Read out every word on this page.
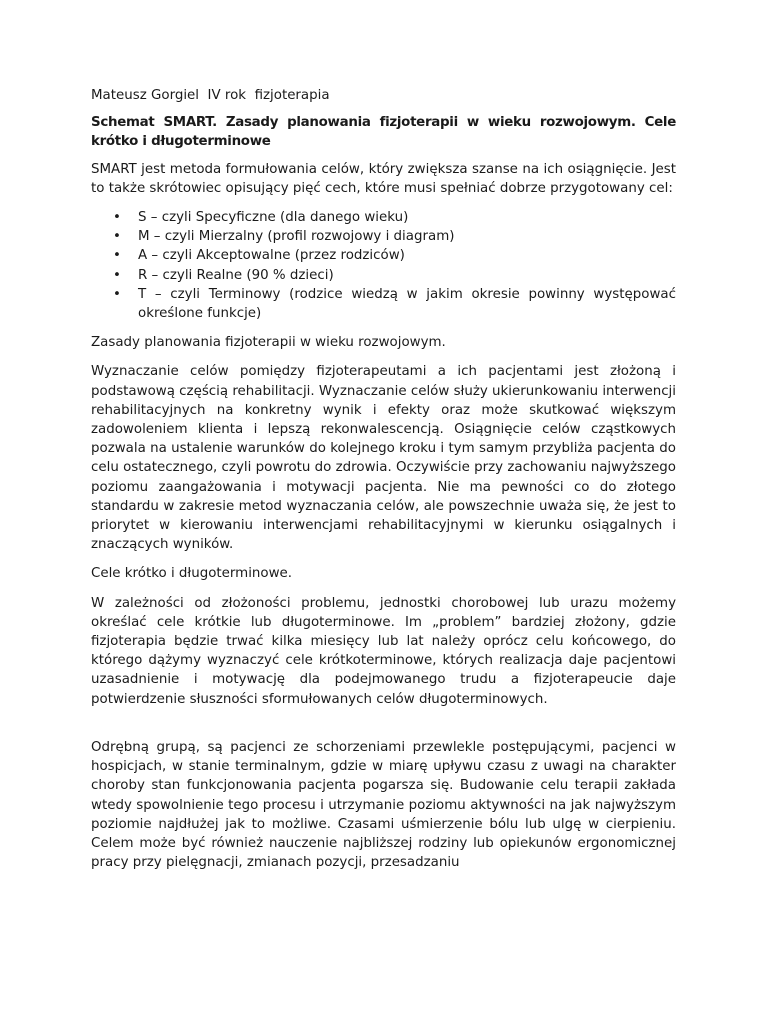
Mateusz Gorgiel  IV rok  fizjoterapia

Schemat SMART. Zasady planowania fizjoterapii w wieku rozwojowym. Cele krótko i długoterminowe

SMART jest metoda formułowania celów, który zwiększa szanse na ich osiągnięcie. Jest to także skrótowiec opisujący pięć cech, które musi spełniać dobrze przygotowany cel:

• S – czyli Specyficzne (dla danego wieku)
• M – czyli Mierzalny (profil rozwojowy i diagram)
• A – czyli Akceptowalne (przez rodziców)
• R – czyli Realne (90 % dzieci)
• T – czyli Terminowy (rodzice wiedzą w jakim okresie powinny występować określone funkcje)

Zasady planowania fizjoterapii w wieku rozwojowym.

Wyznaczanie celów pomiędzy fizjoterapeutami a ich pacjentami jest złożoną i podstawową częścią rehabilitacji. Wyznaczanie celów służy ukierunkowaniu interwencji rehabilitacyjnych na konkretny wynik i efekty oraz może skutkować większym zadowoleniem klienta i lepszą rekonwalescencją. Osiągnięcie celów cząstkowych pozwala na ustalenie warunków do kolejnego kroku i tym samym przybliża pacjenta do celu ostatecznego, czyli powrotu do zdrowia. Oczywiście przy zachowaniu najwyższego poziomu zaangażowania i motywacji pacjenta. Nie ma pewności co do złotego standardu w zakresie metod wyznaczania celów, ale powszechnie uważa się, że jest to priorytet w kierowaniu interwencjami rehabilitacyjnymi w kierunku osiągalnych i znaczących wyników.

Cele krótko i długoterminowe.

W zależności od złożoności problemu, jednostki chorobowej lub urazu możemy określać cele krótkie lub długoterminowe. Im „problem” bardziej złożony, gdzie fizjoterapia będzie trwać kilka miesięcy lub lat należy oprócz celu końcowego, do którego dążymy wyznaczyć cele krótkoterminowe, których realizacja daje pacjentowi uzasadnienie i motywację dla podejmowanego trudu a fizjoterapeucie daje potwierdzenie słuszności sformułowanych celów długoterminowych.

Odrębną grupą, są pacjenci ze schorzeniami przewlekle postępującymi, pacjenci w hospicjach, w stanie terminalnym, gdzie w miarę upływu czasu z uwagi na charakter choroby stan funkcjonowania pacjenta pogarsza się. Budowanie celu terapii zakłada wtedy spowolnienie tego procesu i utrzymanie poziomu aktywności na jak najwyższym poziomie najdłużej jak to możliwe. Czasami uśmierzenie bólu lub ulgę w cierpieniu. Celem może być również nauczenie najbliższej rodziny lub opiekunów ergonomicznej pracy przy pielęgnacji, zmianach pozycji, przesadzaniu
